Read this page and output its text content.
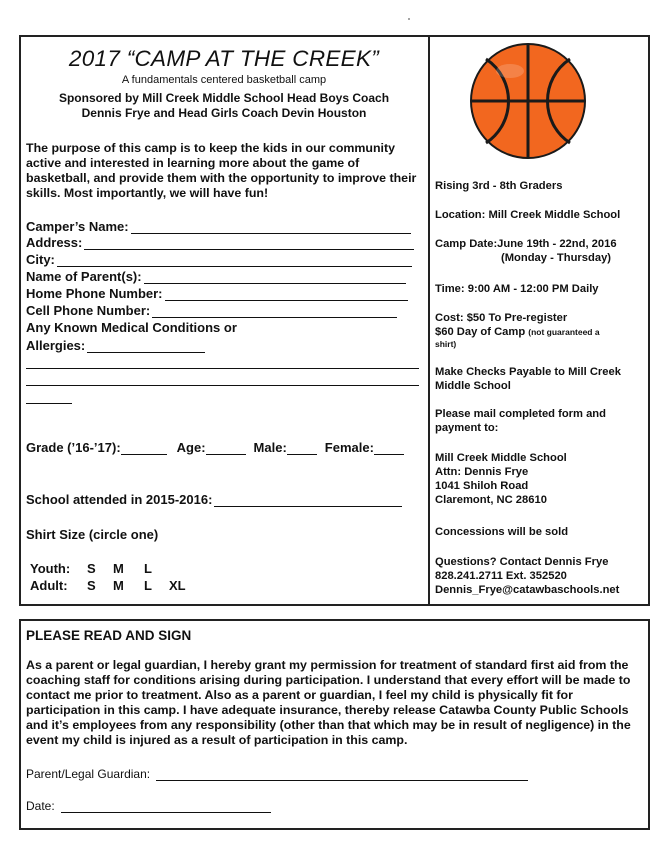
2017 “CAMP AT THE CREEK”
A fundamentals centered basketball camp
Sponsored by Mill Creek Middle School Head Boys Coach
Dennis Frye and Head Girls Coach Devin Houston
The purpose of this camp is to keep the kids in our community active and interested in learning more about the game of basketball, and provide them with the opportunity to improve their skills. Most importantly, we will have fun!
Camper’s Name:
Address:
City:
Name of Parent(s):
Home Phone Number:
Cell Phone Number:
Any Known Medical Conditions or
Allergies:
Grade (’16-’17):	Age:	Male:	Female:
School attended in 2015-2016:
Shirt Size (circle one)
Youth:	S	M	L
Adult:	S	M	L	XL
Rising 3rd - 8th Graders
Location: Mill Creek Middle School
Camp Date:June 19th - 22nd, 2016
(Monday - Thursday)
Time: 9:00 AM - 12:00 PM Daily
Cost: $50 To Pre-register
$60 Day of Camp (not guaranteed a
shirt)
Make Checks Payable to Mill Creek
Middle School
Please mail completed form and
payment to:
Mill Creek Middle School
Attn: Dennis Frye
1041 Shiloh Road
Claremont, NC 28610
Concessions will be sold
Questions? Contact Dennis Frye
828.241.2711 Ext. 352520
Dennis_Frye@catawbaschools.net
PLEASE READ AND SIGN
As a parent or legal guardian, I hereby grant my permission for treatment of standard first aid from the coaching staff for conditions arising during participation. I understand that every effort will be made to contact me prior to treatment. Also as a parent or guardian, I feel my child is physically fit for participation in this camp. I have adequate insurance, thereby release Catawba County Public Schools and it’s employees from any responsibility (other than that which may be in result of negligence) in the event my child is injured as a result of participation in this camp.
Parent/Legal Guardian:
Date:
